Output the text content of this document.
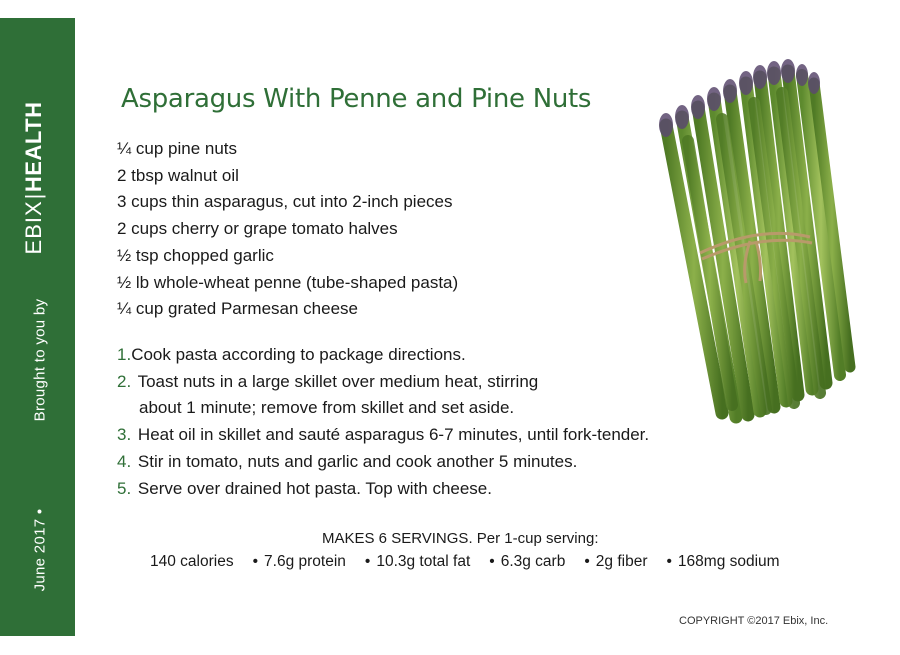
EBIX|HEALTH
Brought to you by
June 2017 •
Asparagus With Penne and Pine Nuts
¼ cup pine nuts
2 tbsp walnut oil
3 cups thin asparagus, cut into 2-inch pieces
2 cups cherry or grape tomato halves
½ tsp chopped garlic
½ lb whole-wheat penne (tube-shaped pasta)
¼ cup grated Parmesan cheese
1.Cook pasta according to package directions.
2. Toast nuts in a large skillet over medium heat, stirring
about 1 minute; remove from skillet and set aside.
3. Heat oil in skillet and sauté asparagus 6-7 minutes, until fork-tender.
4. Stir in tomato, nuts and garlic and cook another 5 minutes.
5. Serve over drained hot pasta. Top with cheese.
MAKES 6 SERVINGS. Per 1-cup serving:
140 calories • 7.6g protein • 10.3g total fat • 6.3g carb • 2g fiber • 168mg sodium
COPYRIGHT ©2017 Ebix, Inc.
